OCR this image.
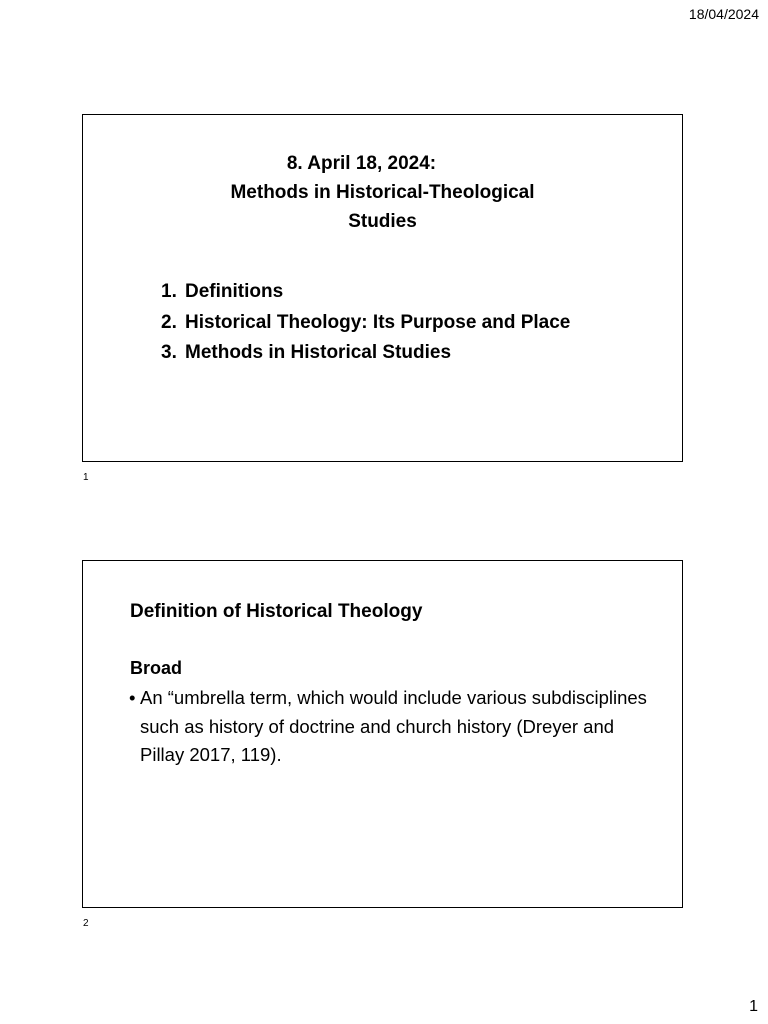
18/04/2024
8. April 18, 2024:
Methods in Historical-Theological
Studies
1. Definitions
2. Historical Theology: Its Purpose and Place
3. Methods in Historical Studies
1
Definition of Historical Theology
Broad
• An “umbrella term, which would include various subdisciplines such as history of doctrine and church history (Dreyer and Pillay 2017, 119).
2
1
